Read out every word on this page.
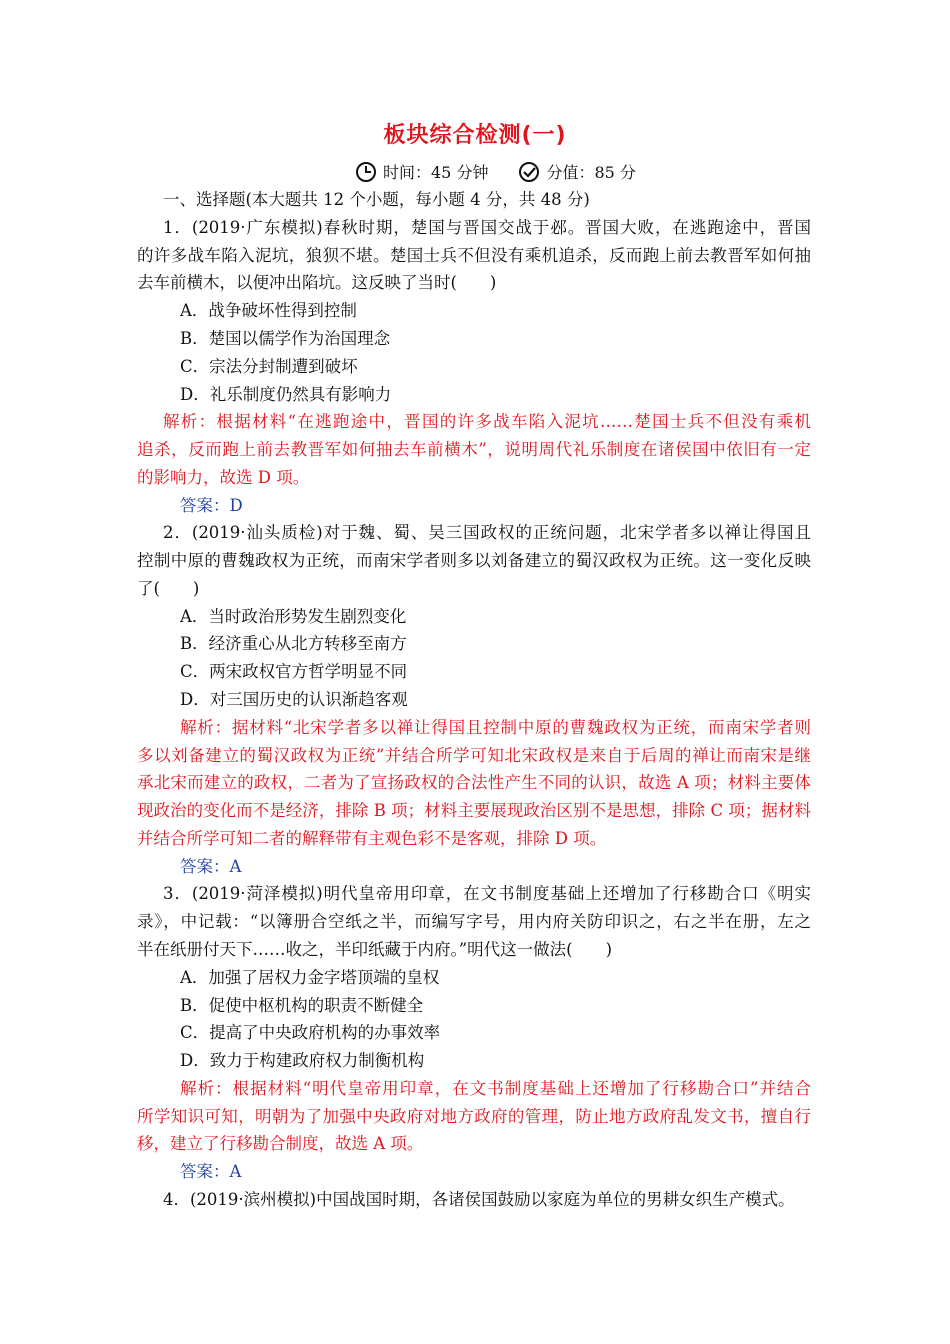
板块综合检测(一)
时间：45 分钟	分值：85 分
一、选择题(本大题共 12 个小题，每小题 4 分，共 48 分)
1．(2019·广东模拟)春秋时期，楚国与晋国交战于邲。晋国大败，在逃跑途中，晋国
的许多战车陷入泥坑，狼狈不堪。楚国士兵不但没有乘机追杀，反而跑上前去教晋军如何抽
去车前横木，以便冲出陷坑。这反映了当时(　　)
A．战争破坏性得到控制
B．楚国以儒学作为治国理念
C．宗法分封制遭到破坏
D．礼乐制度仍然具有影响力
解析：根据材料“在逃跑途中，晋国的许多战车陷入泥坑……楚国士兵不但没有乘机
追杀，反而跑上前去教晋军如何抽去车前横木”，说明周代礼乐制度在诸侯国中依旧有一定
的影响力，故选 D 项。
答案：D
2．(2019·汕头质检)对于魏、蜀、吴三国政权的正统问题，北宋学者多以禅让得国且
控制中原的曹魏政权为正统，而南宋学者则多以刘备建立的蜀汉政权为正统。这一变化反映
了(　　)
A．当时政治形势发生剧烈变化
B．经济重心从北方转移至南方
C．两宋政权官方哲学明显不同
D．对三国历史的认识渐趋客观
解析：据材料“北宋学者多以禅让得国且控制中原的曹魏政权为正统，而南宋学者则
多以刘备建立的蜀汉政权为正统”并结合所学可知北宋政权是来自于后周的禅让而南宋是继
承北宋而建立的政权，二者为了宣扬政权的合法性产生不同的认识，故选 A 项；材料主要体
现政治的变化而不是经济，排除 B 项；材料主要展现政治区别不是思想，排除 C 项；据材料
并结合所学可知二者的解释带有主观色彩不是客观，排除 D 项。
答案：A
3．(2019·菏泽模拟)明代皇帝用印章，在文书制度基础上还增加了行移勘合口《明实
录》，中记载：“以簿册合空纸之半，而编写字号，用内府关防印识之，右之半在册，左之
半在纸册付天下……收之，半印纸藏于内府。”明代这一做法(　　)
A．加强了居权力金字塔顶端的皇权
B．促使中枢机构的职责不断健全
C．提高了中央政府机构的办事效率
D．致力于构建政府权力制衡机构
解析：根据材料“明代皇帝用印章，在文书制度基础上还增加了行移勘合口”并结合
所学知识可知，明朝为了加强中央政府对地方政府的管理，防止地方政府乱发文书，擅自行
移，建立了行移勘合制度，故选 A 项。
答案：A
4．(2019·滨州模拟)中国战国时期，各诸侯国鼓励以家庭为单位的男耕女织生产模式。
